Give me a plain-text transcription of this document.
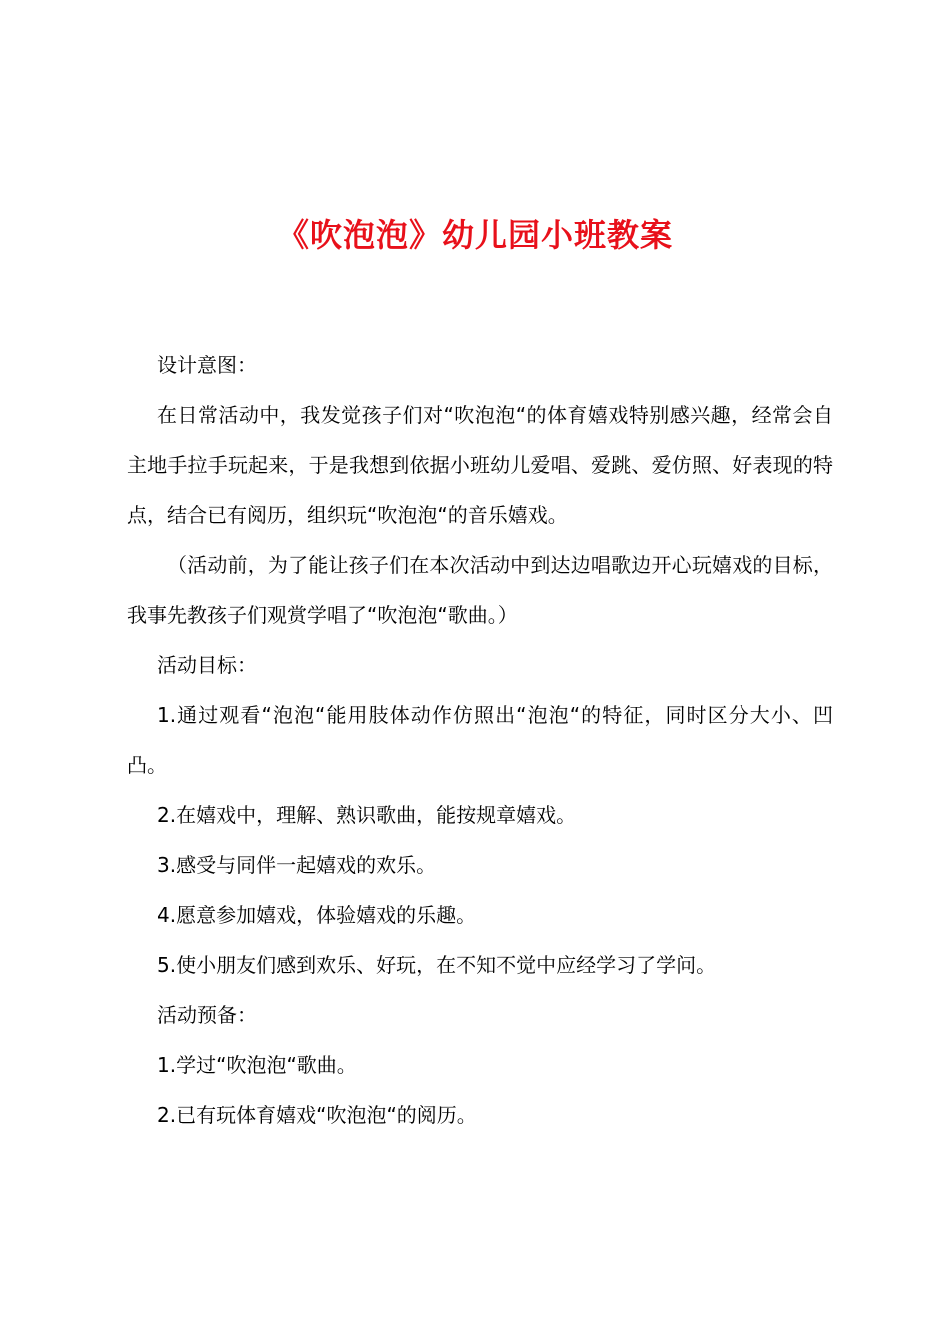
《吹泡泡》幼儿园小班教案

设计意图：

在日常活动中，我发觉孩子们对“吹泡泡“的体育嬉戏特别感兴趣，经常会自主地手拉手玩起来，于是我想到依据小班幼儿爱唱、爱跳、爱仿照、好表现的特点，结合已有阅历，组织玩“吹泡泡“的音乐嬉戏。

（活动前，为了能让孩子们在本次活动中到达边唱歌边开心玩嬉戏的目标，我事先教孩子们观赏学唱了“吹泡泡“歌曲。）

活动目标：

1.通过观看“泡泡“能用肢体动作仿照出“泡泡“的特征，同时区分大小、凹凸。

2.在嬉戏中，理解、熟识歌曲，能按规章嬉戏。

3.感受与同伴一起嬉戏的欢乐。

4.愿意参加嬉戏，体验嬉戏的乐趣。

5.使小朋友们感到欢乐、好玩，在不知不觉中应经学习了学问。

活动预备：

1.学过“吹泡泡“歌曲。

2.已有玩体育嬉戏“吹泡泡“的阅历。
